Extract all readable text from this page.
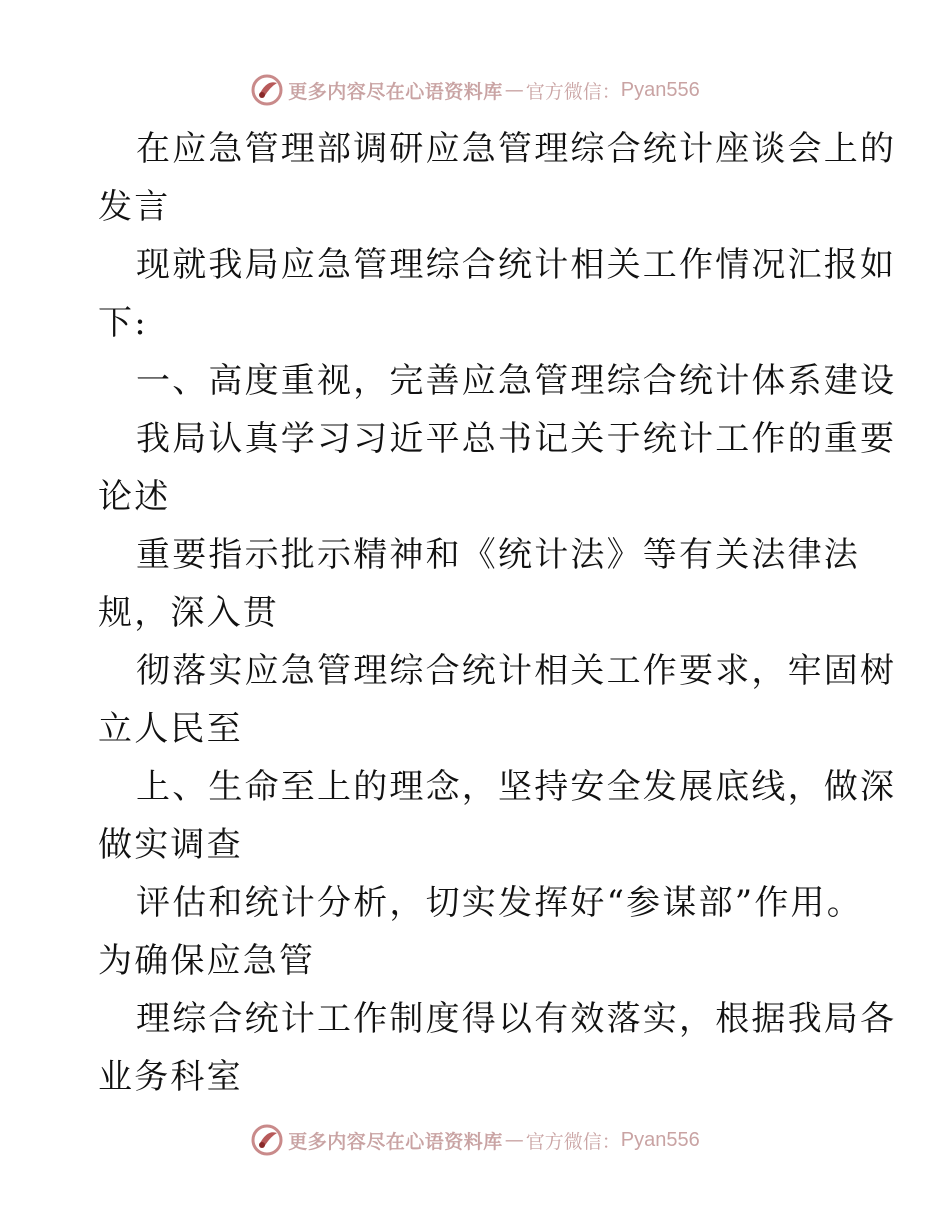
更多内容尽在心语资料库 — 官方微信： Pyan556
在应急管理部调研应急管理综合统计座谈会上的
发言
现就我局应急管理综合统计相关工作情况汇报如
下:
一、高度重视，完善应急管理综合统计体系建设
我局认真学习习近平总书记关于统计工作的重要
论述
重要指示批示精神和《统计法》等有关法律法
规，深入贯
彻落实应急管理综合统计相关工作要求，牢固树
立人民至
上、生命至上的理念，坚持安全发展底线，做深
做实调查
评估和统计分析，切实发挥好“参谋部”作用。
为确保应急管
理综合统计工作制度得以有效落实，根据我局各
业务科室
更多内容尽在心语资料库 — 官方微信： Pyan556
